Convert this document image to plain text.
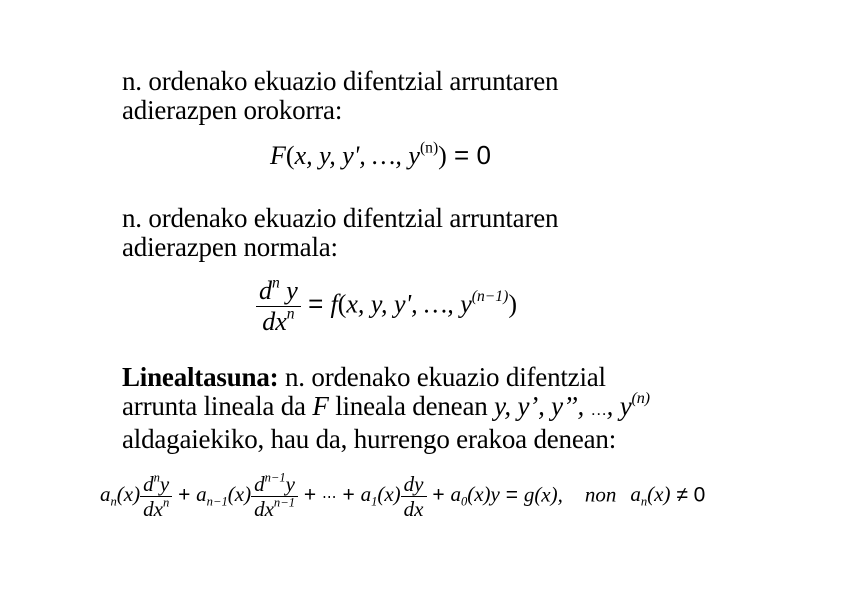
n. ordenako ekuazio difentzial arruntaren
adierazpen orokorra:
F(x, y, y', …, $y^{(n)}) = 0$
n. ordenako ekuazio difentzial arruntaren
adierazpen normala:
$\frac{d^n y}{dx^n} = f(x$, y, y', …, $y^{(n-1)}$)
Linealtasuna: n. ordenako ekuazio difentzial
arrunta lineala da F lineala denean y, y’, y’’, …, $y^{(n)}$
aldagaiekiko, hau da, hurrengo erakoa denean:
$a_n(x) \frac{d^ny}{dx^n} + a_{n-1}(x) \frac{d^{n-1}y}{dx^{n-1}}$ + ⋯ + $a_1(x) \frac{dy}{dx} + a_0(x)y = g(x)$, non $a_n(x) \ne 0$
